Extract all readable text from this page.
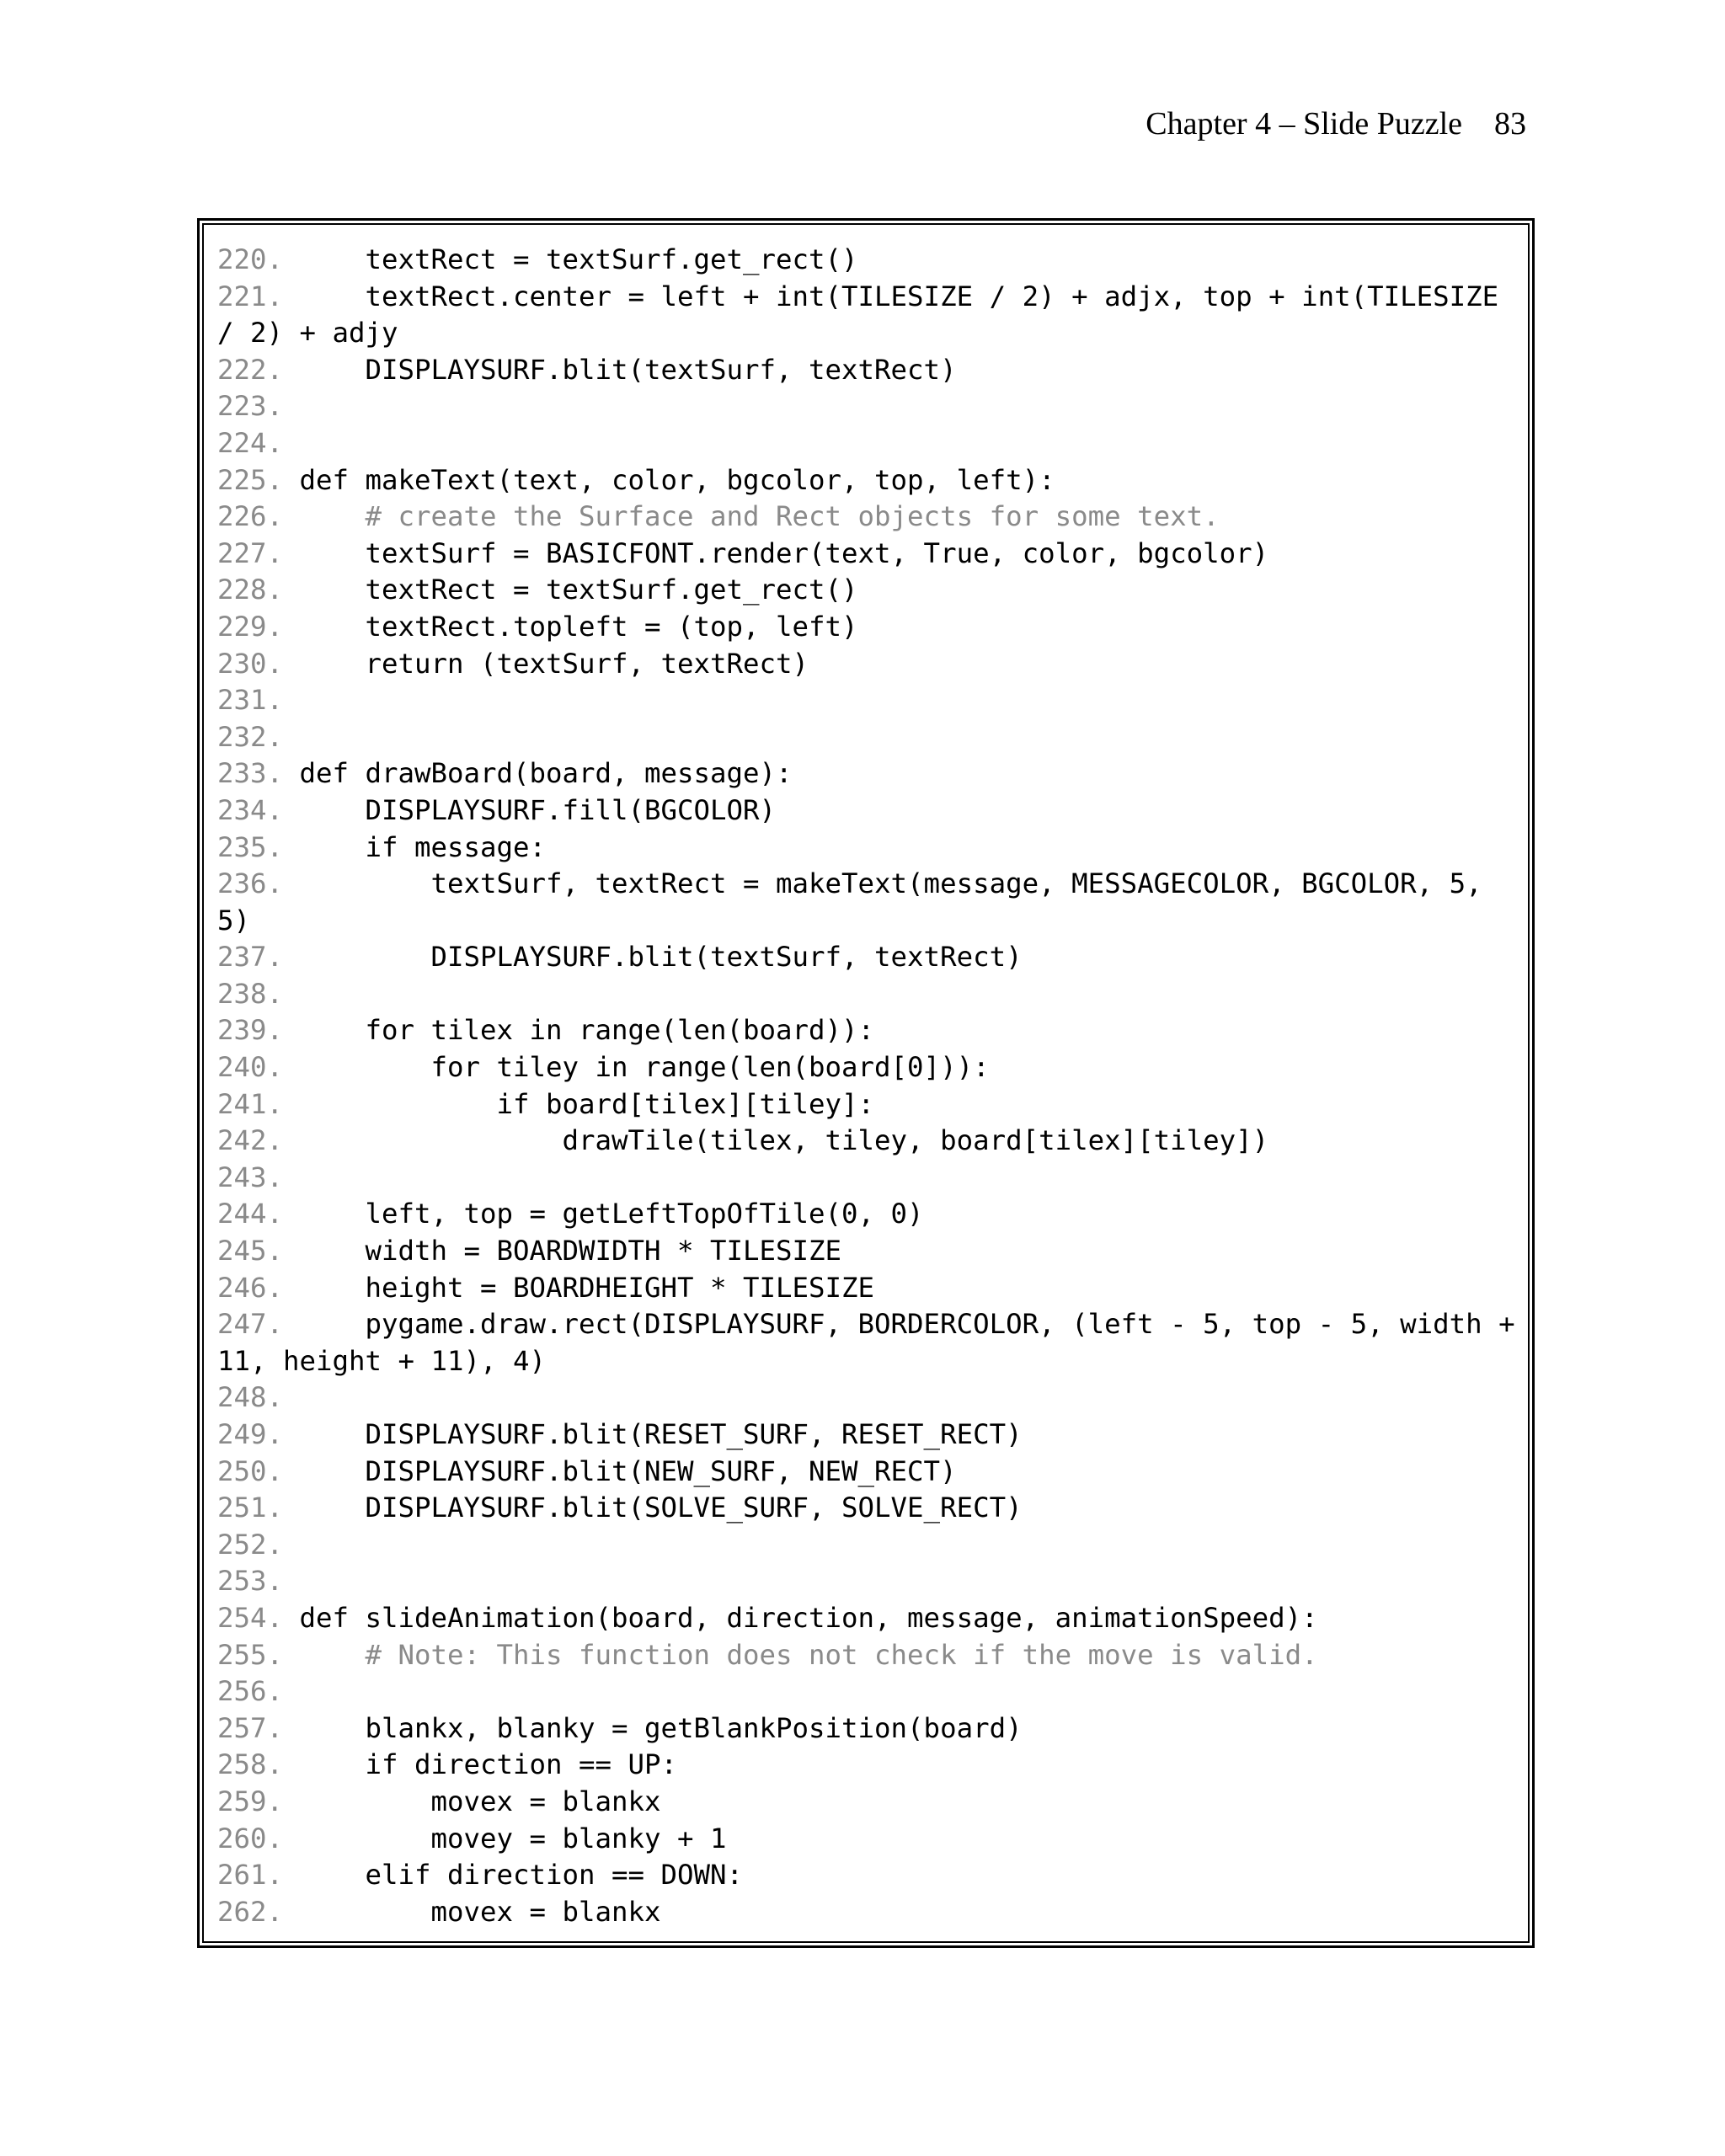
Chapter 4 – Slide Puzzle 83
220.     textRect = textSurf.get_rect()
221.     textRect.center = left + int(TILESIZE / 2) + adjx, top + int(TILESIZE
/ 2) + adjy
222.     DISPLAYSURF.blit(textSurf, textRect)
223.
224.
225. def makeText(text, color, bgcolor, top, left):
226.     # create the Surface and Rect objects for some text.
227.     textSurf = BASICFONT.render(text, True, color, bgcolor)
228.     textRect = textSurf.get_rect()
229.     textRect.topleft = (top, left)
230.     return (textSurf, textRect)
231.
232.
233. def drawBoard(board, message):
234.     DISPLAYSURF.fill(BGCOLOR)
235.     if message:
236.         textSurf, textRect = makeText(message, MESSAGECOLOR, BGCOLOR, 5,
5)
237.         DISPLAYSURF.blit(textSurf, textRect)
238.
239.     for tilex in range(len(board)):
240.         for tiley in range(len(board[0])):
241.             if board[tilex][tiley]:
242.                 drawTile(tilex, tiley, board[tilex][tiley])
243.
244.     left, top = getLeftTopOfTile(0, 0)
245.     width = BOARDWIDTH * TILESIZE
246.     height = BOARDHEIGHT * TILESIZE
247.     pygame.draw.rect(DISPLAYSURF, BORDERCOLOR, (left - 5, top - 5, width +
11, height + 11), 4)
248.
249.     DISPLAYSURF.blit(RESET_SURF, RESET_RECT)
250.     DISPLAYSURF.blit(NEW_SURF, NEW_RECT)
251.     DISPLAYSURF.blit(SOLVE_SURF, SOLVE_RECT)
252.
253.
254. def slideAnimation(board, direction, message, animationSpeed):
255.     # Note: This function does not check if the move is valid.
256.
257.     blankx, blanky = getBlankPosition(board)
258.     if direction == UP:
259.         movex = blankx
260.         movey = blanky + 1
261.     elif direction == DOWN:
262.         movex = blankx
